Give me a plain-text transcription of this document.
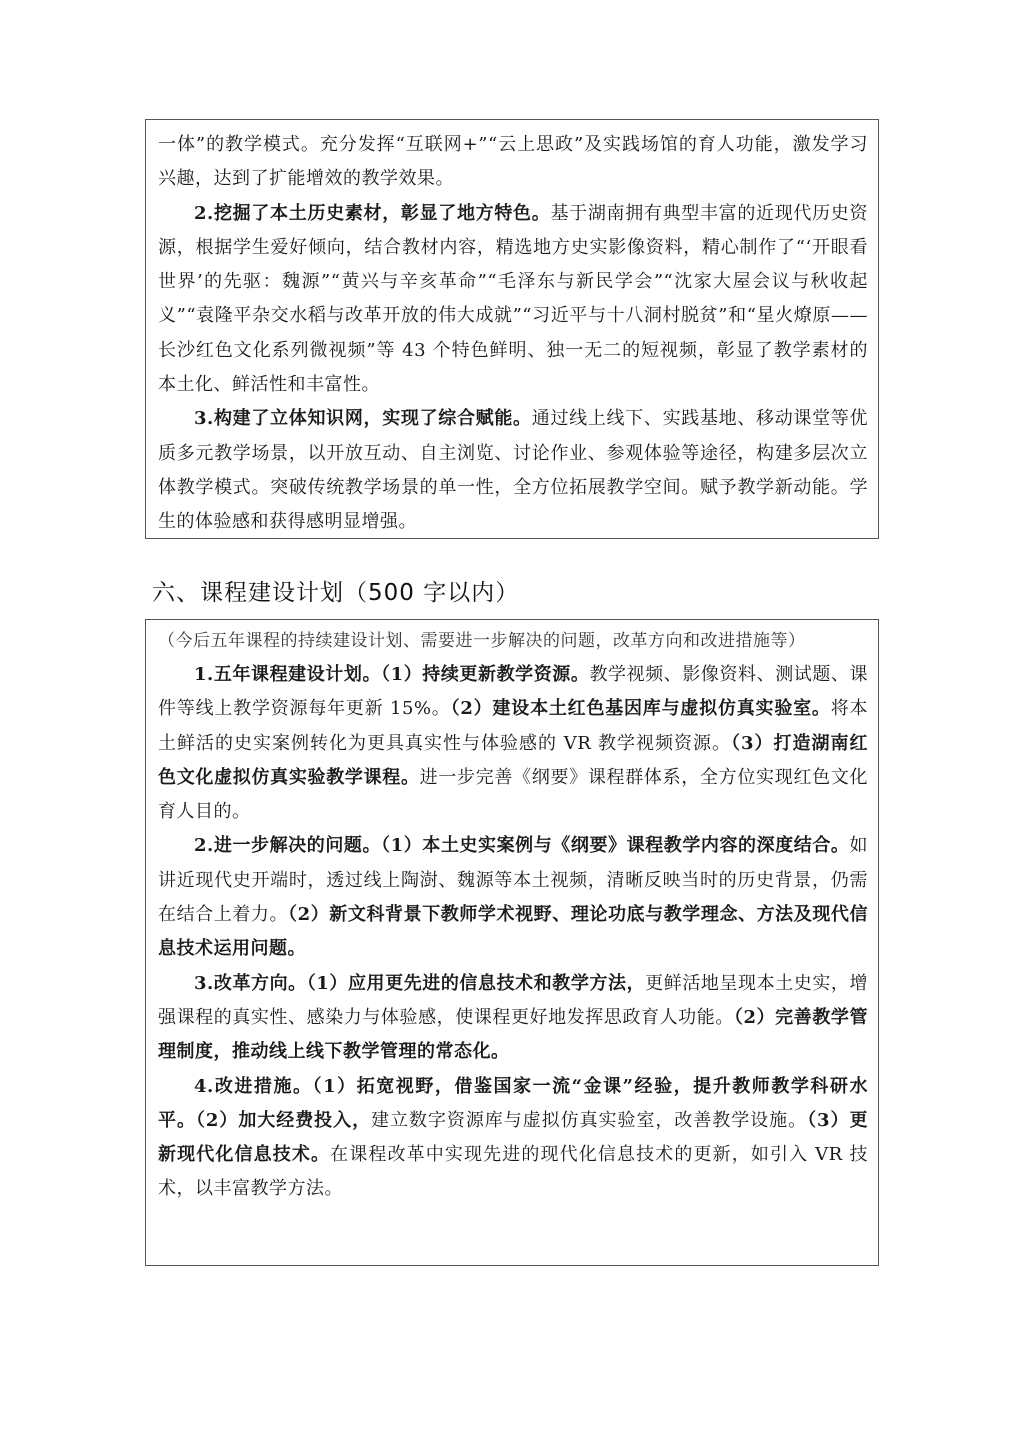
一体”的教学模式。充分发挥“互联网+”“云上思政”及实践场馆的育人功能，激发学习兴趣，达到了扩能增效的教学效果。

2.挖掘了本土历史素材，彰显了地方特色。基于湖南拥有典型丰富的近现代历史资源，根据学生爱好倾向，结合教材内容，精选地方史实影像资料，精心制作了“‘开眼看世界’的先驱：魏源”“黄兴与辛亥革命”“毛泽东与新民学会”“沈家大屋会议与秋收起义”“袁隆平杂交水稻与改革开放的伟大成就”“习近平与十八洞村脱贫”和“星火燎原——长沙红色文化系列微视频”等 43 个特色鲜明、独一无二的短视频，彰显了教学素材的本土化、鲜活性和丰富性。

3.构建了立体知识网，实现了综合赋能。通过线上线下、实践基地、移动课堂等优质多元教学场景，以开放互动、自主浏览、讨论作业、参观体验等途径，构建多层次立体教学模式。突破传统教学场景的单一性，全方位拓展教学空间。赋予教学新动能。学生的体验感和获得感明显增强。

六、课程建设计划（500 字以内）

（今后五年课程的持续建设计划、需要进一步解决的问题，改革方向和改进措施等）

1.五年课程建设计划。（1）持续更新教学资源。教学视频、影像资料、测试题、课件等线上教学资源每年更新 15%。（2）建设本土红色基因库与虚拟仿真实验室。将本土鲜活的史实案例转化为更具真实性与体验感的 VR 教学视频资源。（3）打造湖南红色文化虚拟仿真实验教学课程。进一步完善《纲要》课程群体系，全方位实现红色文化育人目的。

2.进一步解决的问题。（1）本土史实案例与《纲要》课程教学内容的深度结合。如讲近现代史开端时，透过线上陶澍、魏源等本土视频，清晰反映当时的历史背景，仍需在结合上着力。（2）新文科背景下教师学术视野、理论功底与教学理念、方法及现代信息技术运用问题。

3.改革方向。（1）应用更先进的信息技术和教学方法，更鲜活地呈现本土史实，增强课程的真实性、感染力与体验感，使课程更好地发挥思政育人功能。（2）完善教学管理制度，推动线上线下教学管理的常态化。

4.改进措施。（1）拓宽视野，借鉴国家一流“金课”经验，提升教师教学科研水平。（2）加大经费投入，建立数字资源库与虚拟仿真实验室，改善教学设施。（3）更新现代化信息技术。在课程改革中实现先进的现代化信息技术的更新，如引入 VR 技术，以丰富教学方法。
